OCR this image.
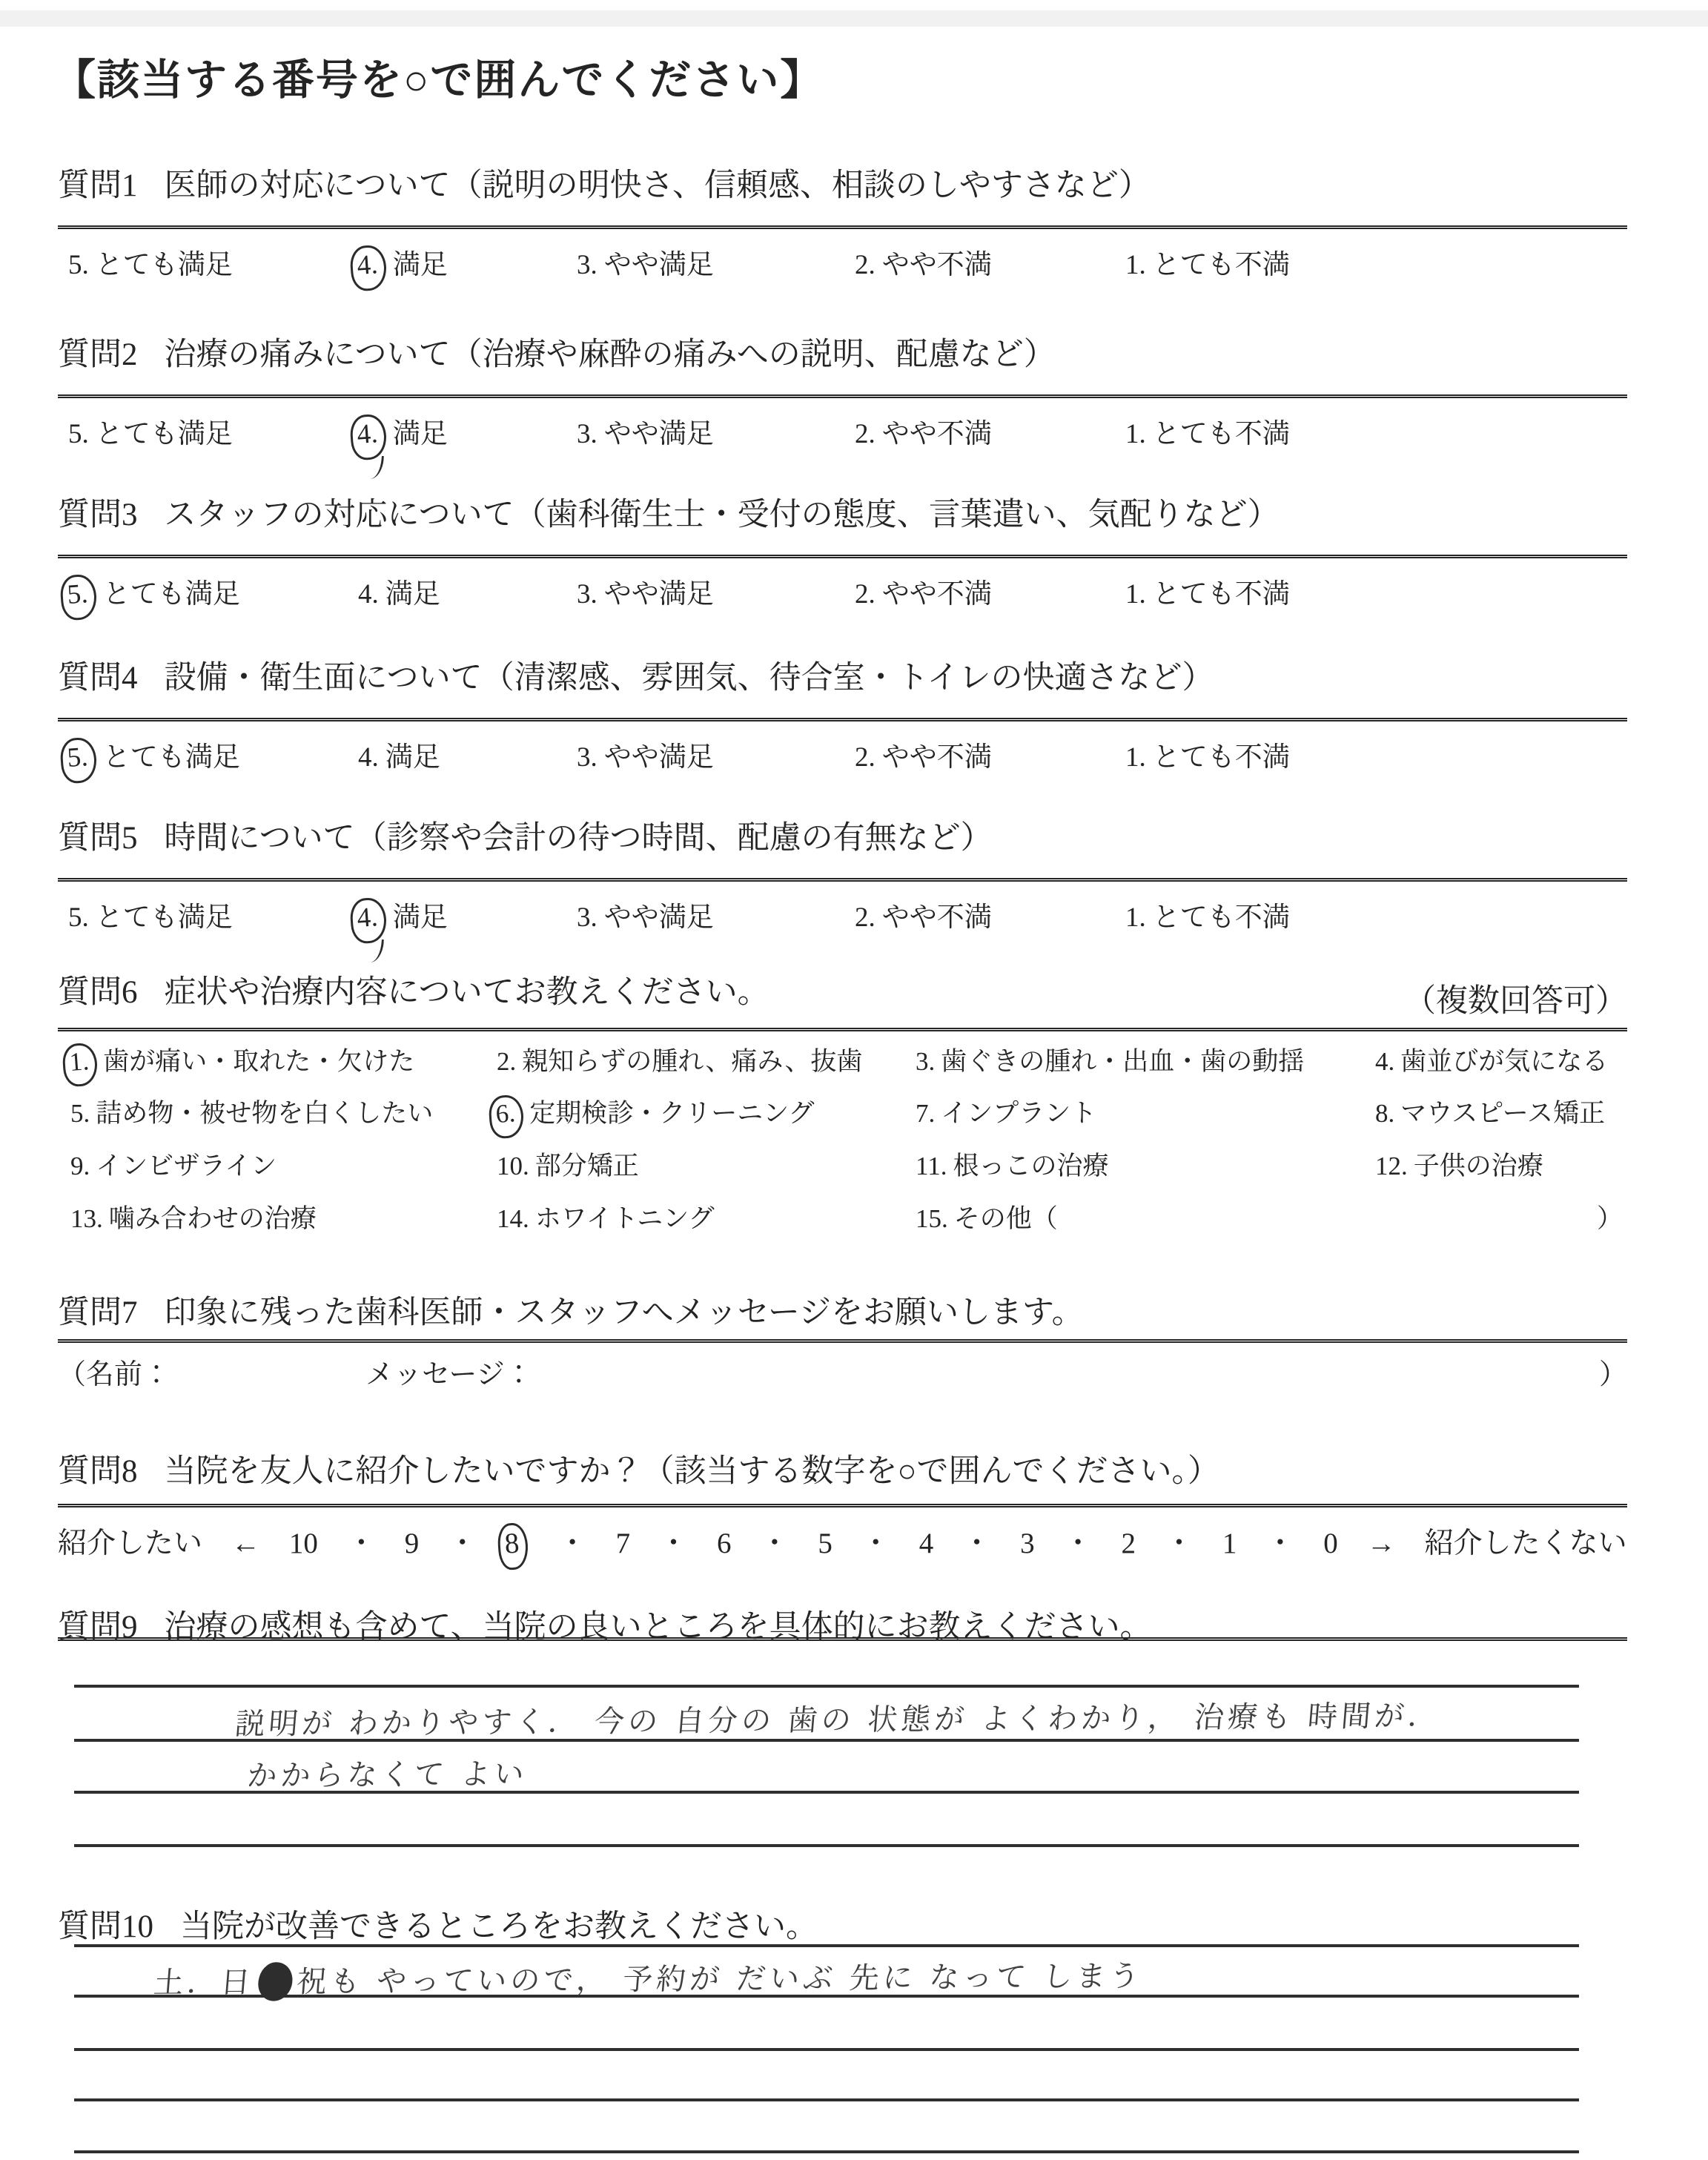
【該当する番号を○で囲んでください】
質問1 医師の対応について（説明の明快さ、信頼感、相談のしやすさなど）
5. とても満足	4. 満足	3. やや満足	2. やや不満	1. とても不満
質問2 治療の痛みについて（治療や麻酔の痛みへの説明、配慮など）
5. とても満足	4. 満足	3. やや満足	2. やや不満	1. とても不満
質問3 スタッフの対応について（歯科衛生士・受付の態度、言葉遣い、気配りなど）
5. とても満足	4. 満足	3. やや満足	2. やや不満	1. とても不満
質問4 設備・衛生面について（清潔感、雰囲気、待合室・トイレの快適さなど）
5. とても満足	4. 満足	3. やや満足	2. やや不満	1. とても不満
質問5 時間について（診察や会計の待つ時間、配慮の有無など）
5. とても満足	4. 満足	3. やや満足	2. やや不満	1. とても不満
質問6 症状や治療内容についてお教えください。	（複数回答可）
1. 歯が痛い・取れた・欠けた	2. 親知らずの腫れ、痛み、抜歯 3. 歯ぐきの腫れ・出血・歯の動揺	4. 歯並びが気になる
5. 詰め物・被せ物を白くしたい 6. 定期検診・クリーニング	7. インプラント	8. マウスピース矯正
9. インビザライン	10. 部分矯正	11. 根っこの治療	12. 子供の治療
13. 噛み合わせの治療	14. ホワイトニング	15. その他（	）
質問7 印象に残った歯科医師・スタッフへメッセージをお願いします。
（名前：	メッセージ：	）
質問8 当院を友人に紹介したいですか？（該当する数字を○で囲んでください。）
紹介したい ← 10 ・ 9 ・ 8	・ 7 ・ 6 ・ 5 ・ 4 ・ 3 ・ 2 ・ 1 ・ 0 → 紹介したくない
質問9 治療の感想も含めて、当院の良いところを具体的にお教えください。
説明が わかりやすく． 今の 自分の 歯の 状態が よくわかり， 治療も 時間が．
かからなくて よい
質問10 当院が改善できるところをお教えください。
土．日 祝も やっていので， 予約が だいぶ 先に なって しまう
